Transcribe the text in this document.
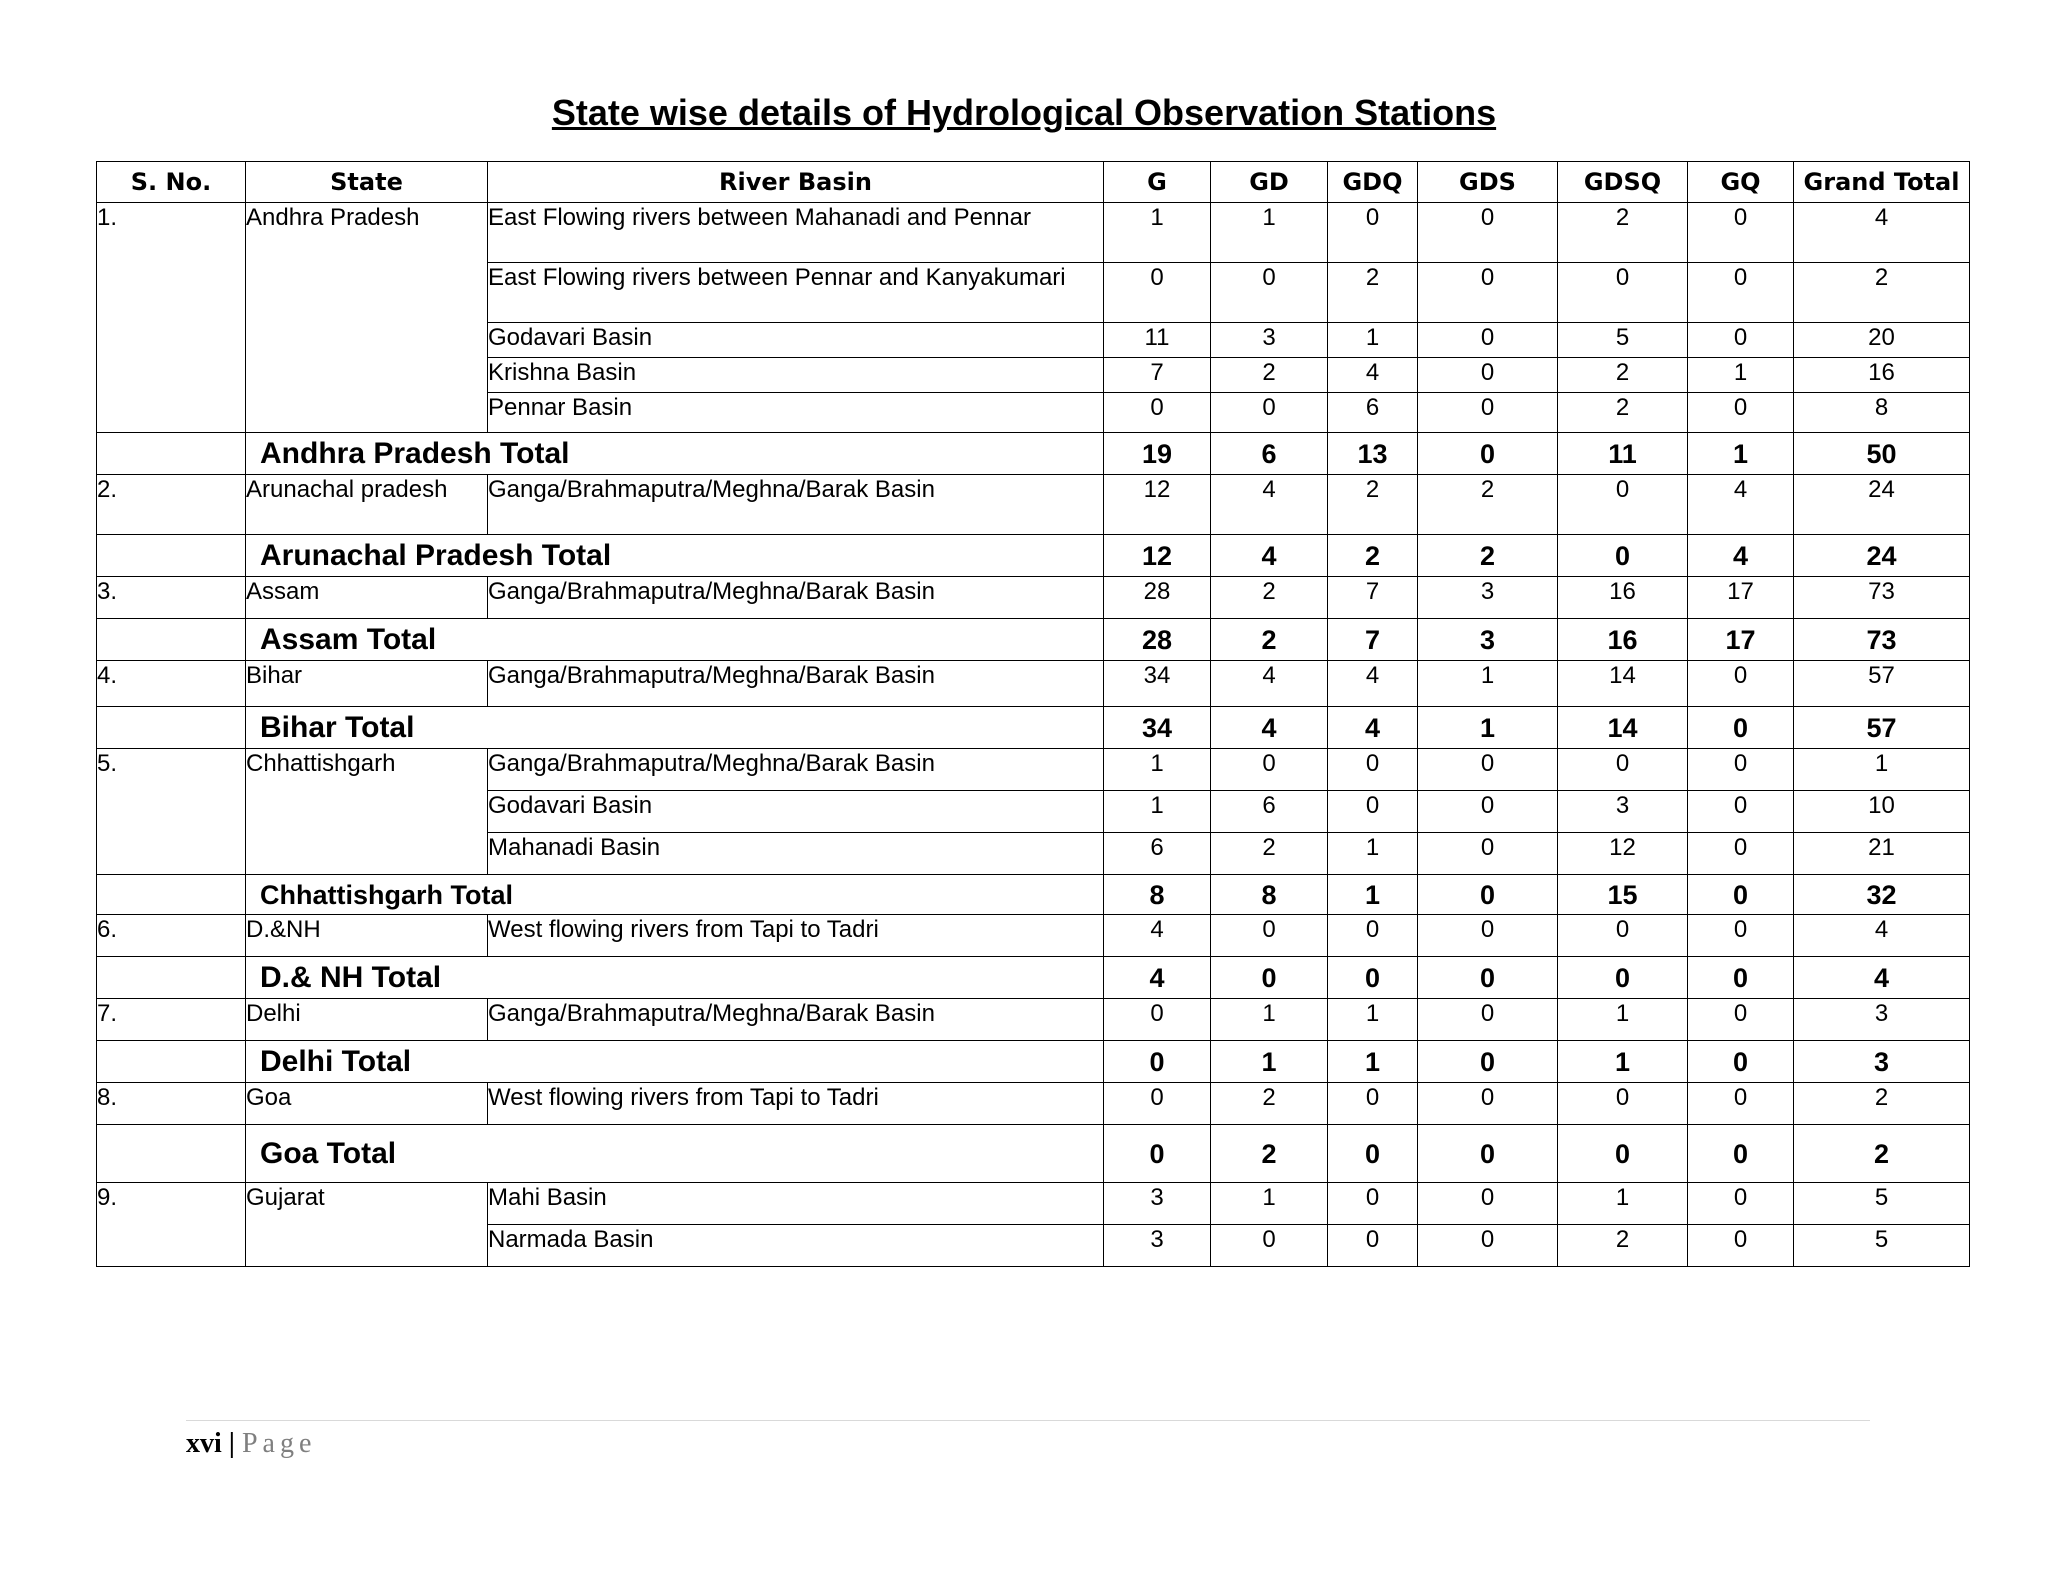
State wise details of Hydrological Observation Stations
S. No.	State	River Basin	G	GD	GDQ	GDS	GDSQ	GQ	Grand Total
1.	Andhra Pradesh	East Flowing rivers between Mahanadi and Pennar	1	1	0	0	2	0	4
		East Flowing rivers between Pennar and Kanyakumari	0	0	2	0	0	0	2
		Godavari Basin	11	3	1	0	5	0	20
		Krishna Basin	7	2	4	0	2	1	16
		Pennar Basin	0	0	6	0	2	0	8
	Andhra Pradesh Total		19	6	13	0	11	1	50
2.	Arunachal pradesh	Ganga/Brahmaputra/Meghna/Barak Basin	12	4	2	2	0	4	24
	Arunachal Pradesh Total		12	4	2	2	0	4	24
3.	Assam	Ganga/Brahmaputra/Meghna/Barak Basin	28	2	7	3	16	17	73
	Assam Total		28	2	7	3	16	17	73
4.	Bihar	Ganga/Brahmaputra/Meghna/Barak Basin	34	4	4	1	14	0	57
	Bihar Total		34	4	4	1	14	0	57
5.	Chhattishgarh	Ganga/Brahmaputra/Meghna/Barak Basin	1	0	0	0	0	0	1
		Godavari Basin	1	6	0	0	3	0	10
		Mahanadi Basin	6	2	1	0	12	0	21
	Chhattishgarh Total		8	8	1	0	15	0	32
6.	D.&NH	West flowing rivers from Tapi to Tadri	4	0	0	0	0	0	4
	D.& NH Total		4	0	0	0	0	0	4
7.	Delhi	Ganga/Brahmaputra/Meghna/Barak Basin	0	1	1	0	1	0	3
	Delhi Total		0	1	1	0	1	0	3
8.	Goa	West flowing rivers from Tapi to Tadri	0	2	0	0	0	0	2
	Goa Total		0	2	0	0	0	0	2
9.	Gujarat	Mahi Basin	3	1	0	0	1	0	5
		Narmada Basin	3	0	0	0	2	0	5
xvi | Page
